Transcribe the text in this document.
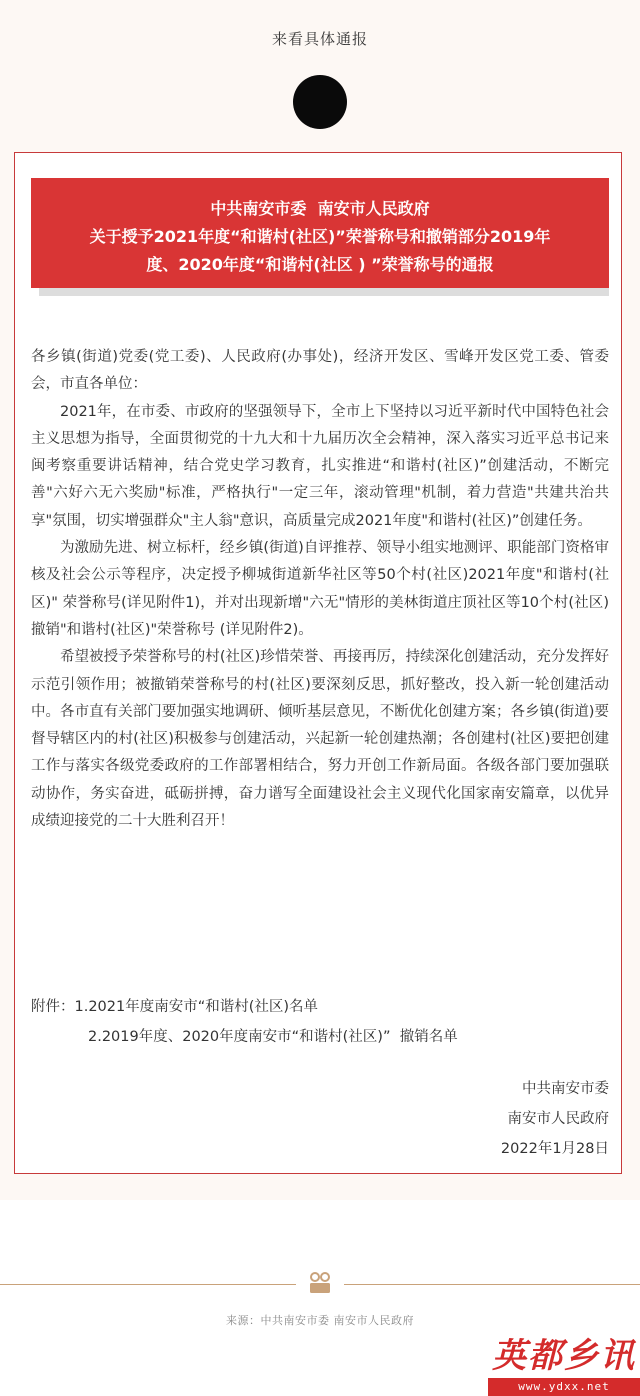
来看具体通报
中共南安市委  南安市人民政府
关于授予2021年度“和谐村(社区)”荣誉称号和撤销部分2019年
度、2020年度“和谐村(社区 ) ”荣誉称号的通报

各乡镇(街道)党委(党工委)、人民政府(办事处)，经济开发区、雪峰开发区党工委、管委会，市直各单位：

2021年，在市委、市政府的坚强领导下，全市上下坚持以习近平新时代中国特色社会主义思想为指导，全面贯彻党的十九大和十九届历次全会精神，深入落实习近平总书记来闽考察重要讲话精神，结合党史学习教育，扎实推进“和谐村(社区)”创建活动，不断完善"六好六无六奖励"标准，严格执行"一定三年，滚动管理"机制，着力营造"共建共治共享"氛围，切实增强群众"主人翁"意识，高质量完成2021年度"和谐村(社区)”创建任务。

为激励先进、树立标杆，经乡镇(街道)自评推荐、领导小组实地测评、职能部门资格审核及社会公示等程序，决定授予柳城街道新华社区等50个村(社区)2021年度"和谐村(社区)" 荣誉称号(详见附件1)，并对出现新增"六无"情形的美林街道庄顶社区等10个村(社区)撤销"和谐村(社区)"荣誉称号 (详见附件2)。

希望被授予荣誉称号的村(社区)珍惜荣誉、再接再厉，持续深化创建活动，充分发挥好示范引领作用；被撤销荣誉称号的村(社区)要深刻反思，抓好整改，投入新一轮创建活动中。各市直有关部门要加强实地调研、倾听基层意见，不断优化创建方案；各乡镇(街道)要督导辖区内的村(社区)积极参与创建活动，兴起新一轮创建热潮；各创建村(社区)要把创建工作与落实各级党委政府的工作部署相结合，努力开创工作新局面。各级各部门要加强联动协作，务实奋进，砥砺拼搏，奋力谱写全面建设社会主义现代化国家南安篇章，以优异成绩迎接党的二十大胜利召开！

附件：1.2021年度南安市“和谐村(社区)名单
2.2019年度、2020年度南安市“和谐村(社区)”  撤销名单
中共南安市委
南安市人民政府
2022年1月28日
来源：中共南安市委 南安市人民政府
英都乡讯
www.ydxx.net
